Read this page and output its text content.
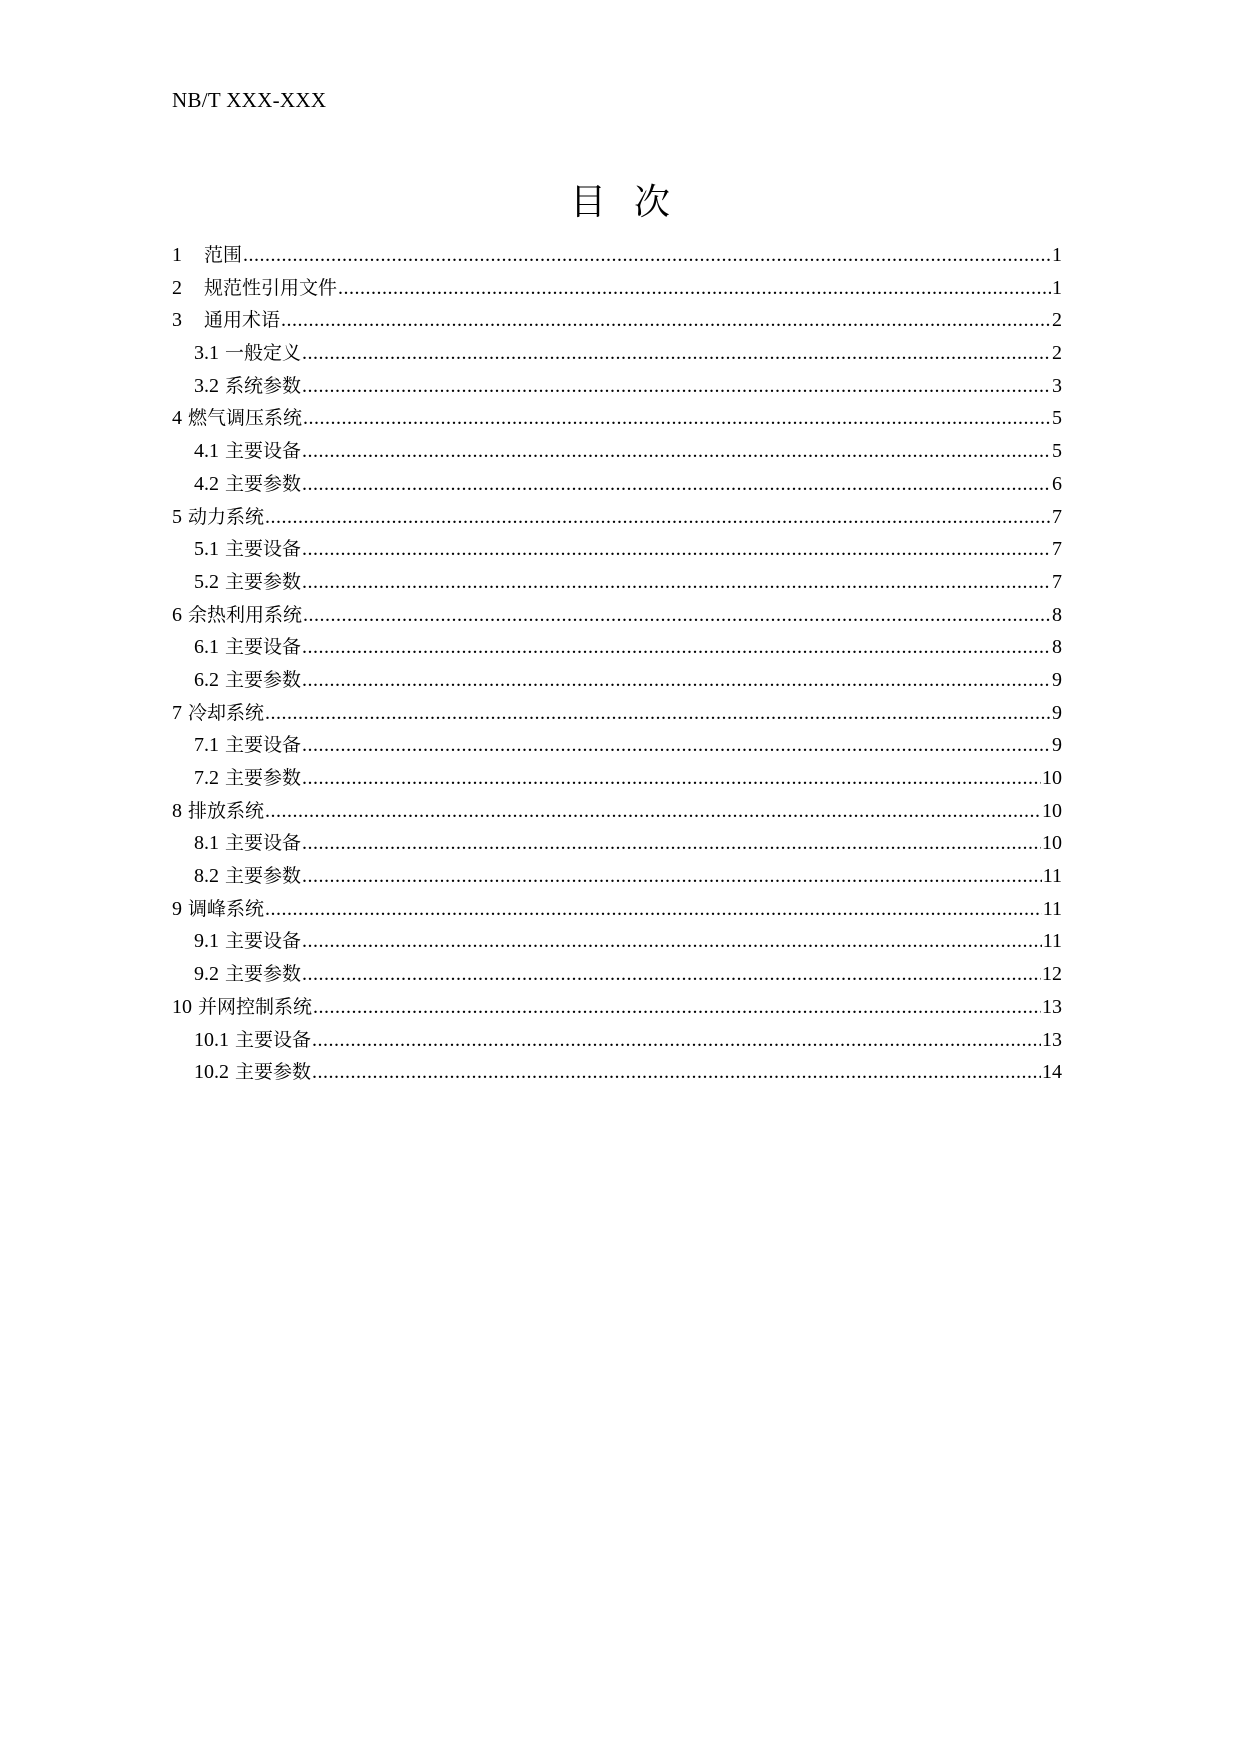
NB/T XXX-XXX
目次
1 范围 .....	1
2 规范性引用文件 .....	1
3 通用术语 .....	2
3.1 一般定义 .....	2
3.2 系统参数 .....	3
4 燃气调压系统 .....	5
4.1 主要设备 .....	5
4.2 主要参数 .....	6
5 动力系统 .....	7
5.1 主要设备 .....	7
5.2 主要参数 .....	7
6 余热利用系统 .....	8
6.1 主要设备 .....	8
6.2 主要参数 .....	9
7 冷却系统 .....	9
7.1 主要设备 .....	9
7.2 主要参数 .....	10
8 排放系统 .....	10
8.1 主要设备 .....	10
8.2 主要参数 .....	11
9 调峰系统 .....	11
9.1 主要设备 .....	11
9.2 主要参数 .....	12
10 并网控制系统 .....	13
10.1 主要设备 .....	13
10.2 主要参数 .....	14
